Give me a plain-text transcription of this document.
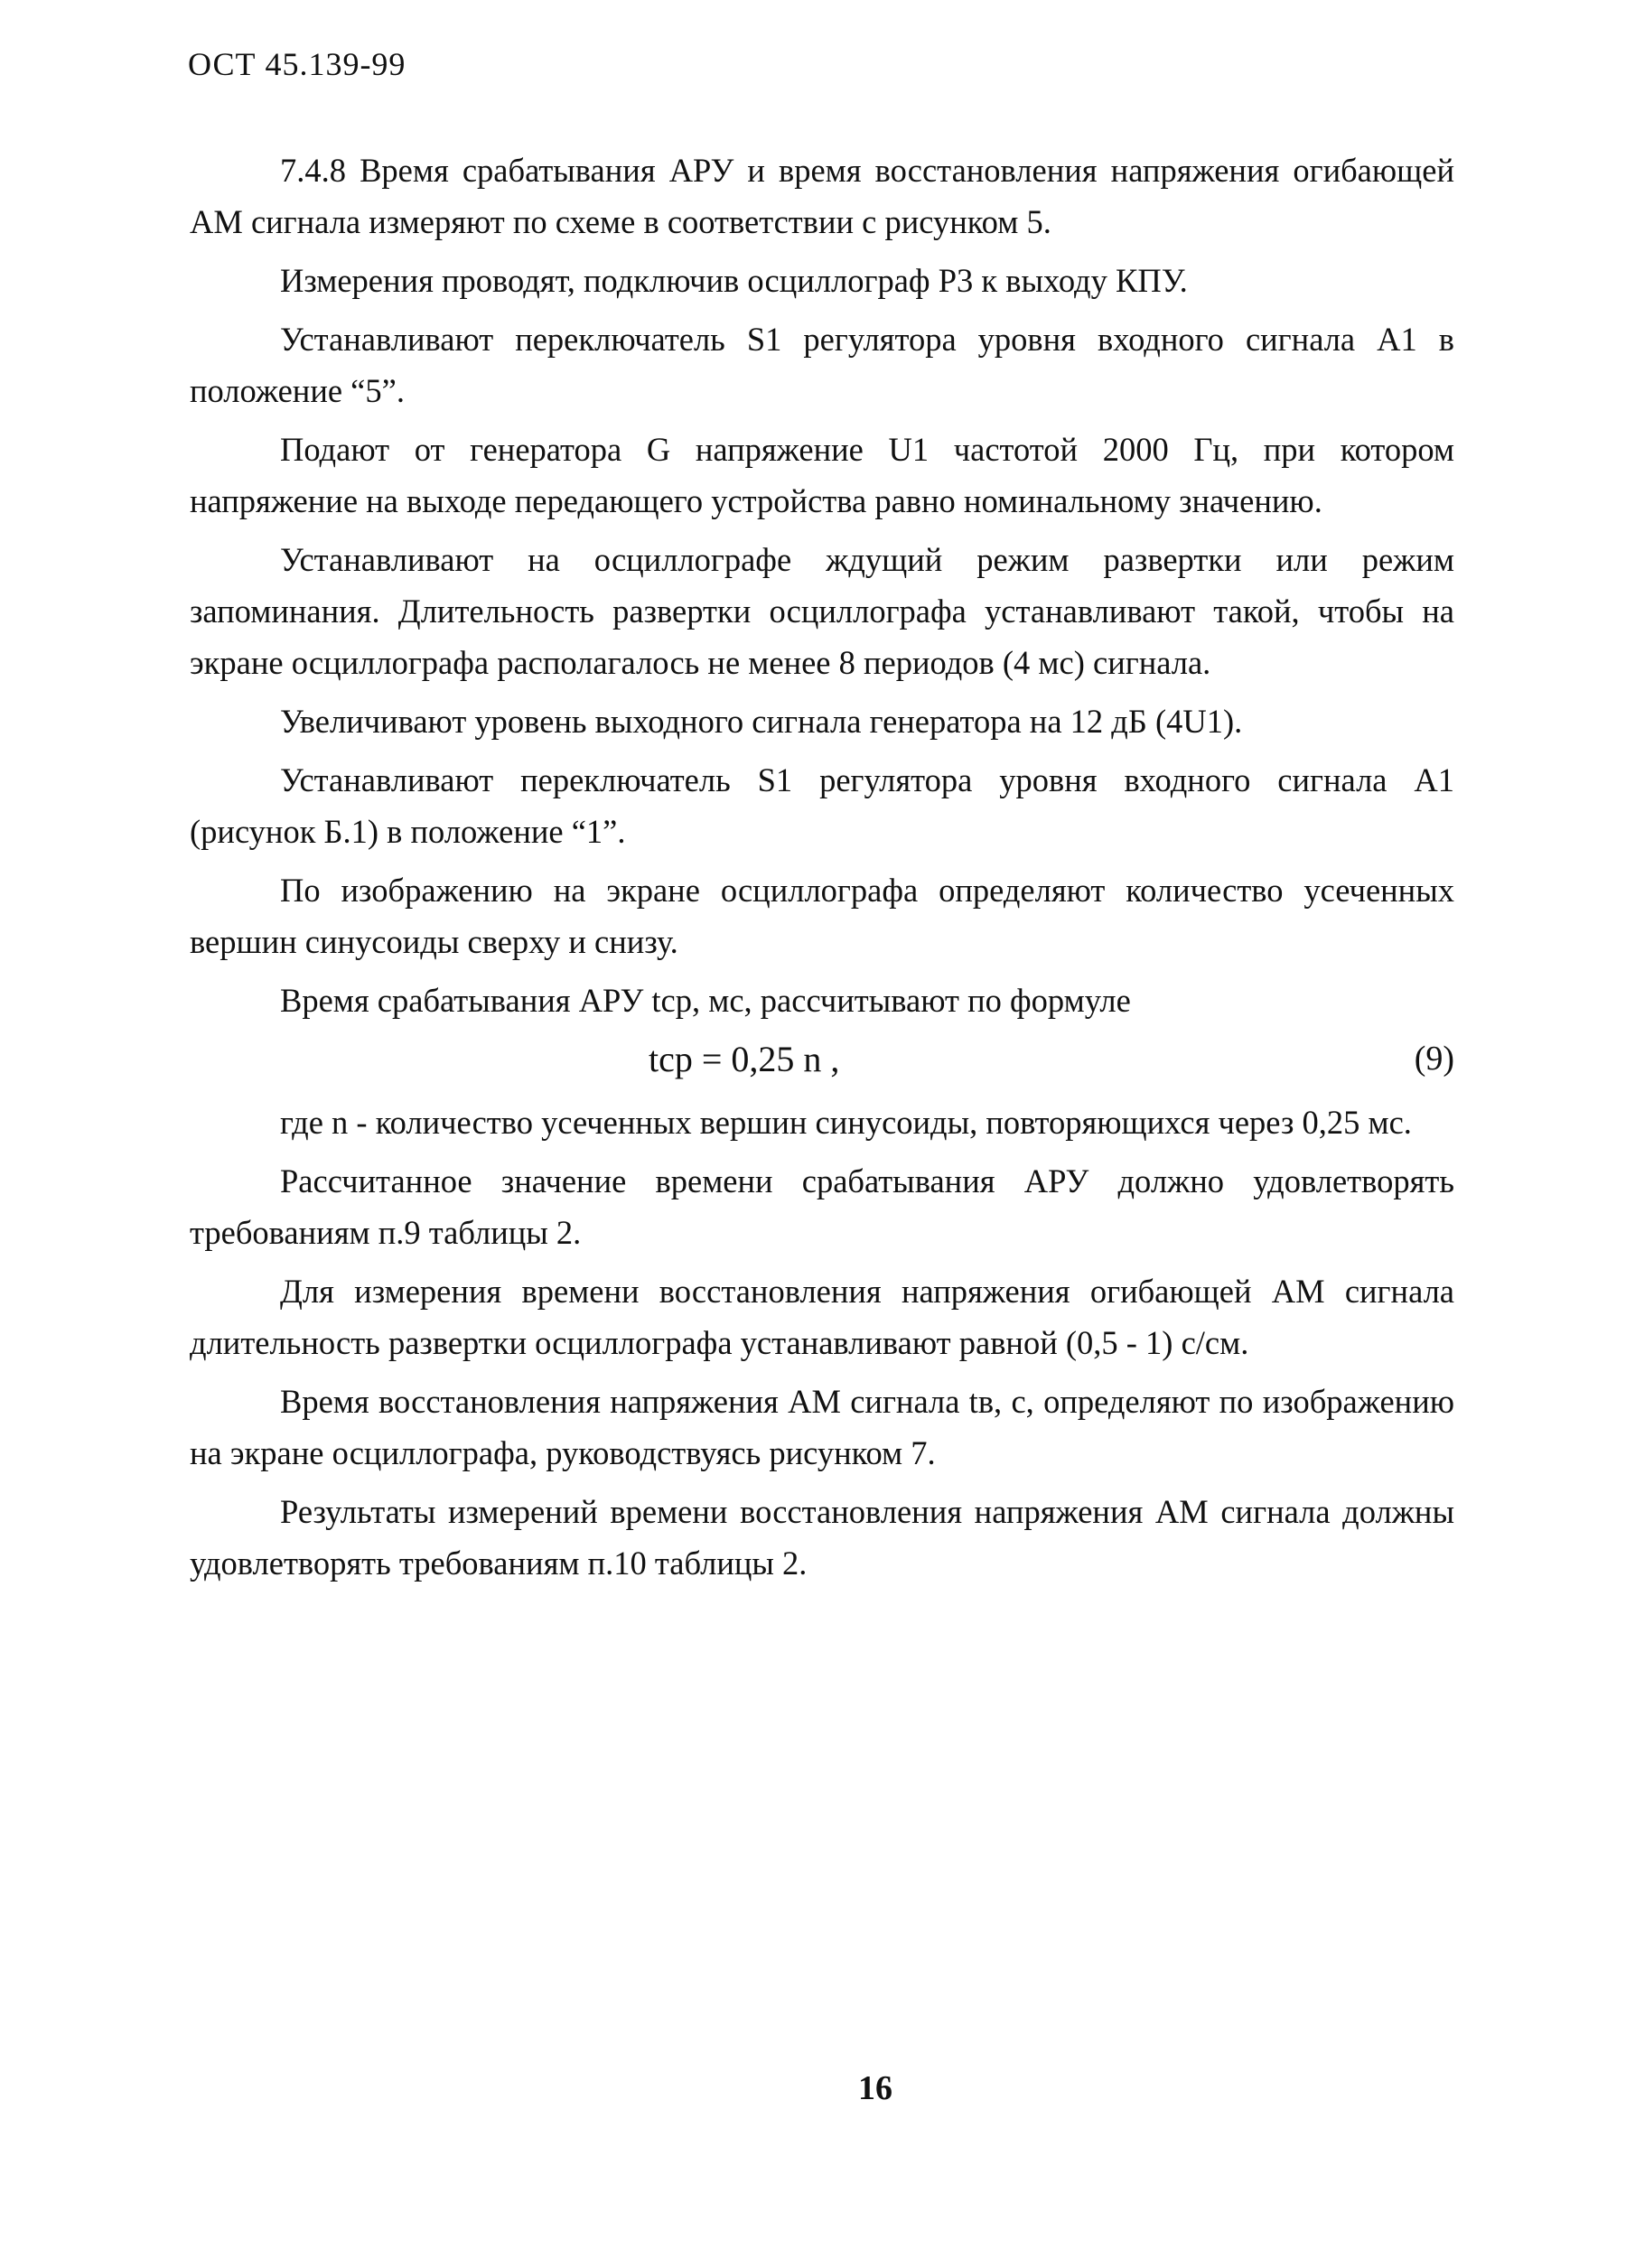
ОСТ 45.139-99

7.4.8 Время срабатывания АРУ и время восстановления напряжения огибающей АМ сигнала измеряют по схеме в соответствии с рисунком 5.

Измерения проводят, подключив осциллограф Р3 к выходу КПУ.

Устанавливают переключатель S1 регулятора уровня входного сигнала А1 в положение “5”.

Подают от генератора G напряжение U1 частотой 2000 Гц, при котором напряжение на выходе передающего устройства равно номинальному значению.

Устанавливают на осциллографе ждущий режим развертки или режим запоминания. Длительность развертки осциллографа устанавливают такой, чтобы на экране осциллографа располагалось не менее 8 периодов (4 мс) сигнала.

Увеличивают уровень выходного сигнала генератора на 12 дБ (4U1).

Устанавливают переключатель S1 регулятора уровня входного сигнала А1 (рисунок Б.1) в положение “1”.

По изображению на экране осциллографа определяют количество усеченных вершин синусоиды сверху и снизу.

Время срабатывания АРУ tср, мс, рассчитывают по формуле

tср = 0,25 n ,	(9)
где n - количество усеченных вершин синусоиды, повторяющихся через 0,25 мс.

Рассчитанное значение времени срабатывания АРУ должно удовлетворять требованиям п.9 таблицы 2.

Для измерения времени восстановления напряжения огибающей АМ сигнала длительность развертки осциллографа устанавливают равной (0,5 - 1) с/см.

Время восстановления напряжения АМ сигнала tв, с, определяют по изображению на экране осциллографа, руководствуясь рисунком 7.

Результаты измерений времени восстановления напряжения АМ сигнала должны удовлетворять требованиям п.10 таблицы 2.

16
